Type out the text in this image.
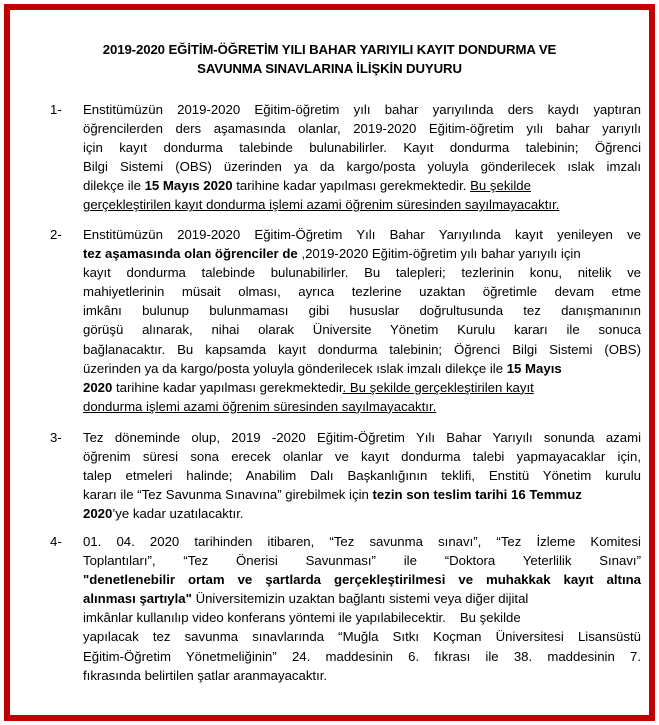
2019-2020 EĞİTİM-ÖĞRETİM YILI BAHAR YARIYILI KAYIT DONDURMA VE
SAVUNMA SINAVLARINA İLİŞKİN DUYURU
1-	Enstitümüzün 2019-2020 Eğitim-öğretim yılı bahar yarıyılında ders kaydı yaptıran
öğrencilerden ders aşamasında olanlar, 2019-2020 Eğitim-öğretim yılı bahar yarıyılı
için kayıt dondurma talebinde bulunabilirler. Kayıt dondurma talebinin; Öğrenci
Bilgi Sistemi (OBS) üzerinden ya da kargo/posta yoluyla gönderilecek ıslak imzalı
dilekçe ile 15 Mayıs 2020 tarihine kadar yapılması gerekmektedir. Bu şekilde
gerçekleştirilen kayıt dondurma işlemi azami öğrenim süresinden sayılmayacaktır.
2-	Enstitümüzün 2019-2020 Eğitim-Öğretim Yılı Bahar Yarıyılında kayıt yenileyen ve
tez aşamasında olan öğrenciler de ,2019-2020 Eğitim-öğretim yılı bahar yarıyılı için
kayıt dondurma talebinde bulunabilirler. Bu talepleri; tezlerinin konu, nitelik ve
mahiyetlerinin müsait olması, ayrıca tezlerine uzaktan öğretimle devam etme
imkânı bulunup bulunmaması gibi hususlar doğrultusunda tez danışmanının
görüşü alınarak, nihai olarak Üniversite Yönetim Kurulu kararı ile sonuca
bağlanacaktır. Bu kapsamda kayıt dondurma talebinin; Öğrenci Bilgi Sistemi (OBS)
üzerinden ya da kargo/posta yoluyla gönderilecek ıslak imzalı dilekçe ile 15 Mayıs
2020 tarihine kadar yapılması gerekmektedir. Bu şekilde gerçekleştirilen kayıt
dondurma işlemi azami öğrenim süresinden sayılmayacaktır.
3-	Tez döneminde olup, 2019 -2020 Eğitim-Öğretim Yılı Bahar Yarıyılı sonunda azami
öğrenim süresi sona erecek olanlar ve kayıt dondurma talebi yapmayacaklar için,
talep etmeleri halinde; Anabilim Dalı Başkanlığının teklifi, Enstitü Yönetim kurulu
kararı ile “Tez Savunma Sınavına” girebilmek için tezin son teslim tarihi 16 Temmuz
2020’ye kadar uzatılacaktır.
4-	01. 04. 2020 tarihinden itibaren, “Tez savunma sınavı”, “Tez İzleme Komitesi
Toplantıları”, “Tez Önerisi Savunması” ile “Doktora Yeterlilik Sınavı”
"denetlenebilir ortam ve şartlarda gerçekleştirilmesi ve muhakkak kayıt altına
alınması şartıyla" Üniversitemizin uzaktan bağlantı sistemi veya diğer dijital
imkânlar kullanılıp video konferans yöntemi ile yapılabilecektir. Bu şekilde
yapılacak tez savunma sınavlarında “Muğla Sıtkı Koçman Üniversitesi Lisansüstü
Eğitim-Öğretim Yönetmeliğinin” 24. maddesinin 6. fıkrası ile 38. maddesinin 7.
fıkrasında belirtilen şatlar aranmayacaktır.
